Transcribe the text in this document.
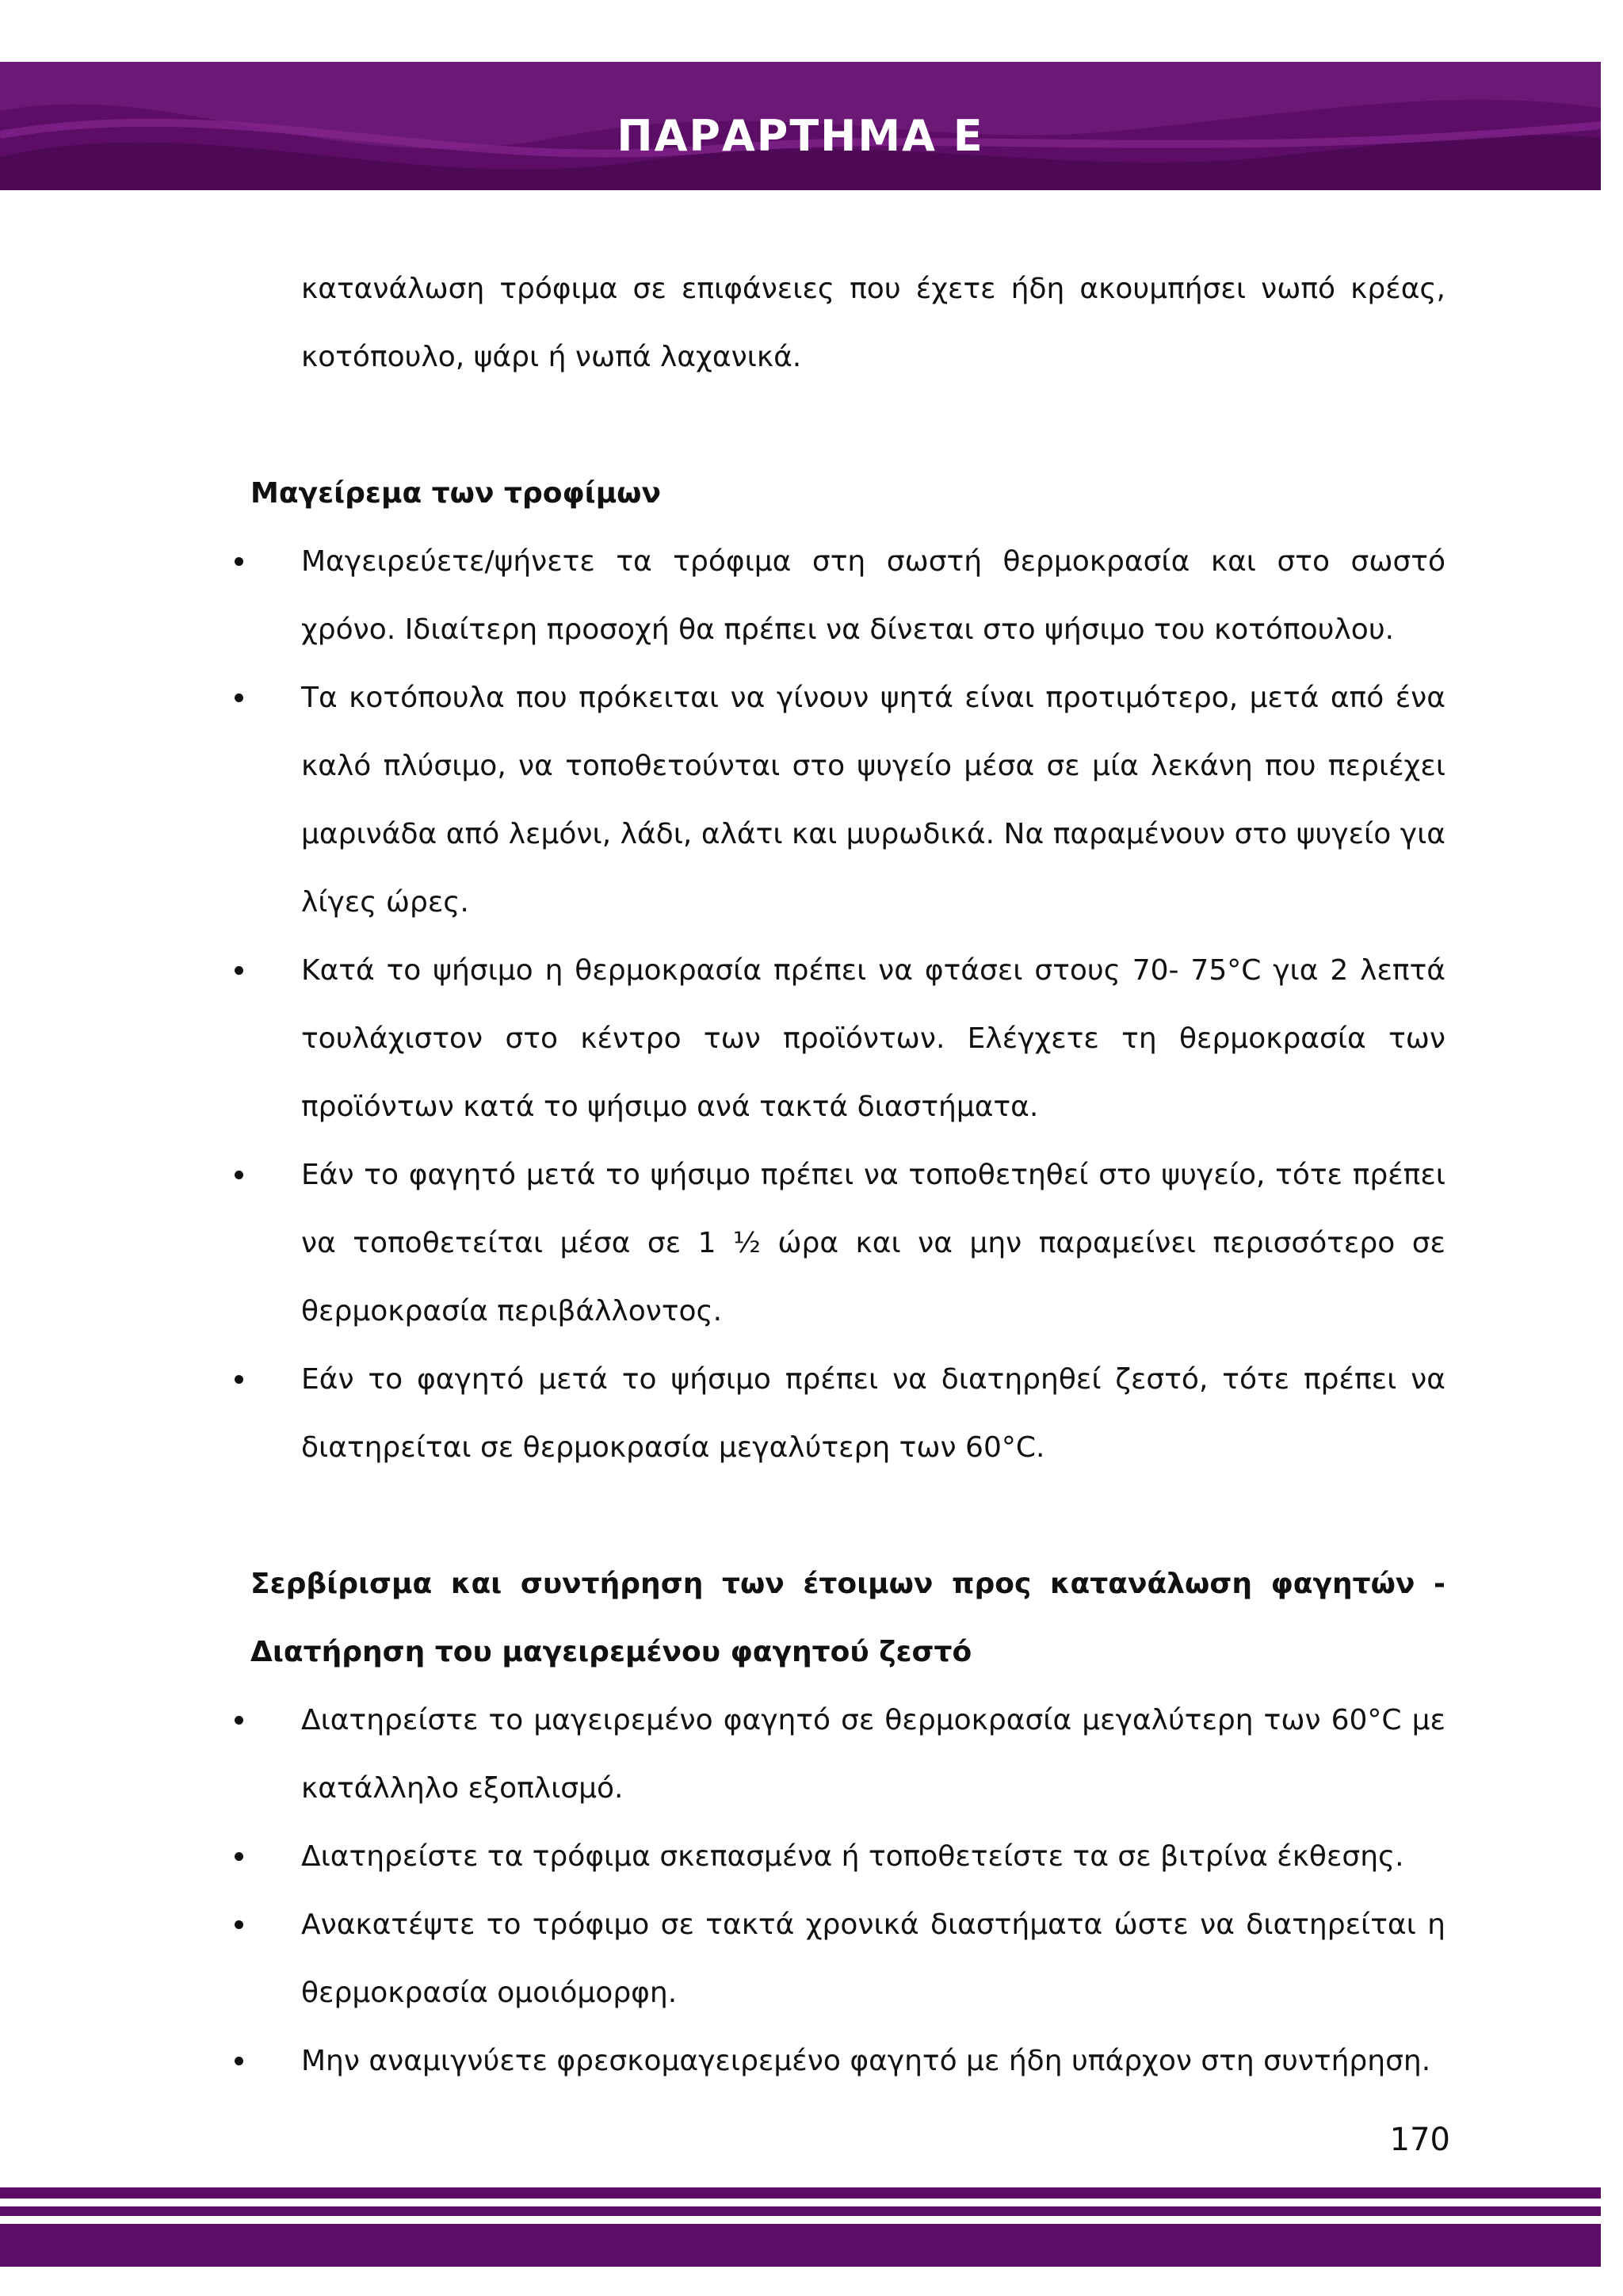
ΠΑΡΑΡΤΗΜΑ Ε

κατανάλωση τρόφιμα σε επιφάνειες που έχετε ήδη ακουμπήσει νωπό κρέας, κοτόπουλο, ψάρι ή νωπά λαχανικά.

Μαγείρεμα των τροφίμων

Μαγειρεύετε/ψήνετε τα τρόφιμα στη σωστή θερμοκρασία και στο σωστό χρόνο. Ιδιαίτερη προσοχή θα πρέπει να δίνεται στο ψήσιμο του κοτόπουλου.
Τα κοτόπουλα που πρόκειται να γίνουν ψητά είναι προτιμότερο, μετά από ένα καλό πλύσιμο, να τοποθετούνται στο ψυγείο μέσα σε μία λεκάνη που περιέχει μαρινάδα από λεμόνι, λάδι, αλάτι και μυρωδικά. Να παραμένουν στο ψυγείο για λίγες ώρες.
Κατά το ψήσιμο η θερμοκρασία πρέπει να φτάσει στους 70- 75°C για 2 λεπτά τουλάχιστον στο κέντρο των προϊόντων. Ελέγχετε τη θερμοκρασία των προϊόντων κατά το ψήσιμο ανά τακτά διαστήματα.
Εάν το φαγητό μετά το ψήσιμο πρέπει να τοποθετηθεί στο ψυγείο, τότε πρέπει να τοποθετείται μέσα σε 1 ½ ώρα και να μην παραμείνει περισσότερο σε θερμοκρασία περιβάλλοντος.
Εάν το φαγητό μετά το ψήσιμο πρέπει να διατηρηθεί ζεστό, τότε πρέπει να διατηρείται σε θερμοκρασία μεγαλύτερη των 60°C.

Σερβίρισμα και συντήρηση των έτοιμων προς κατανάλωση φαγητών -

Διατήρηση του μαγειρεμένου φαγητού ζεστό

Διατηρείστε το μαγειρεμένο φαγητό σε θερμοκρασία μεγαλύτερη των 60°C με κατάλληλο εξοπλισμό.
Διατηρείστε τα τρόφιμα σκεπασμένα ή τοποθετείστε τα σε βιτρίνα έκθεσης.
Ανακατέψτε το τρόφιμο σε τακτά χρονικά διαστήματα ώστε να διατηρείται η θερμοκρασία ομοιόμορφη.
Μην αναμιγνύετε φρεσκομαγειρεμένο φαγητό με ήδη υπάρχον στη συντήρηση.
170
